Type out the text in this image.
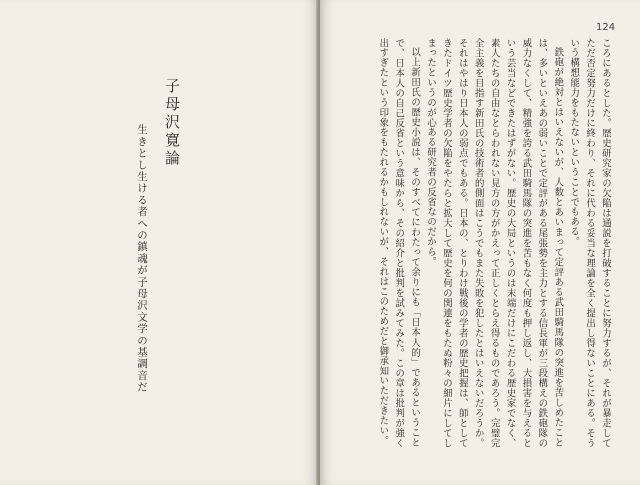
子母沢寛論
生きとし生ける者への鎮魂が子母沢文学の基調音だ
124

ころにあるとした。歴史研究家の欠陥は通説を打破することに努力するが、それが暴走してただ否定努力だけに終わり、それに代わる妥当な理論を全く提出し得ないことにある。そういう構想能力をもたないということでもある。

鉄砲が絶対とはいえないが、人数とあいまって定評ある武田騎馬隊の突進を苦しめたことは、多いといえあの弱いことで定評がある尾張勢を主力とする信長軍が三段構えの鉄砲隊の威力なくして、精強を誇る武田騎馬隊の突進を苦もなく何度も押し返し、大損害を与えるという芸当などできたはずがない。歴史の大局というのは末端だけにこだわる歴史家でなく、素人たちの自由なとらわれない見方の方がかえって正しくとらえ得るものであろう。完璧完全主義を目指す新田氏の技術者的側面はこうでもまた失敗を犯したとはいえないだろうか。それはやはり日本人の弱点でもある。日本の、とりわけ戦後の学者の歴史把握は、師としてきたドイツ歴史学者の欠陥をやたらと拡大して歴史を何の関連をもたぬ粉々の細片にしてしまったというのが心ある研究者の反省なのだから。

以上新田氏の歴史小説は、そのすべてにわたって余りにも「日本人的」であるということで、日本人の自己反省という意味から、その紹介と批判を試みてみた。この章は批判が強く出すぎたという印象をもたれるかもしれないが、それはこのためだと御承知いただきたい。
